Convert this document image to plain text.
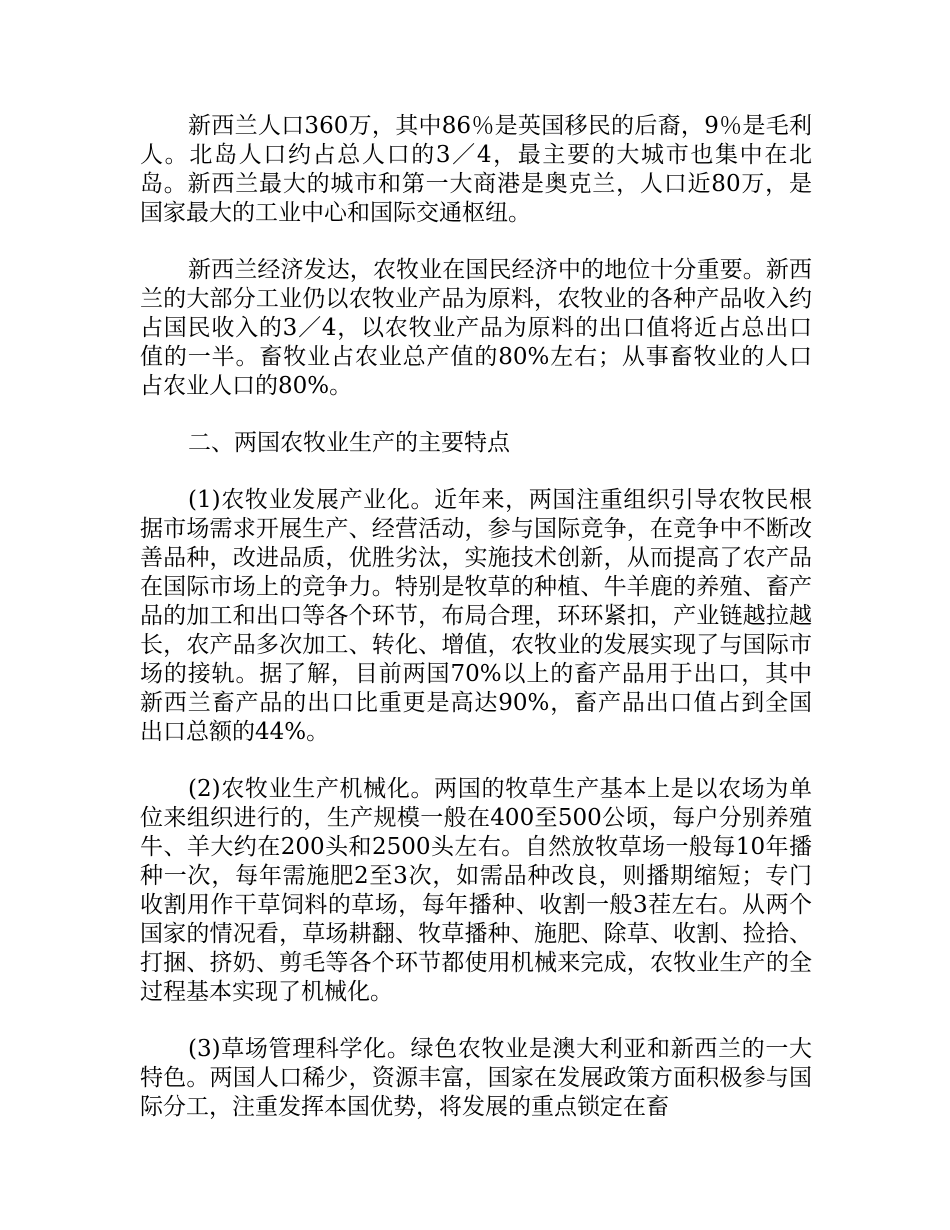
新西兰人口360万，其中86％是英国移民的后裔，9％是毛利人。北岛人口约占总人口的3／4，最主要的大城市也集中在北岛。新西兰最大的城市和第一大商港是奥克兰，人口近80万，是国家最大的工业中心和国际交通枢纽。

新西兰经济发达，农牧业在国民经济中的地位十分重要。新西兰的大部分工业仍以农牧业产品为原料，农牧业的各种产品收入约占国民收入的3／4，以农牧业产品为原料的出口值将近占总出口值的一半。畜牧业占农业总产值的80%左右；从事畜牧业的人口占农业人口的80%。

二、两国农牧业生产的主要特点

(1)农牧业发展产业化。近年来，两国注重组织引导农牧民根据市场需求开展生产、经营活动，参与国际竞争，在竞争中不断改善品种，改进品质，优胜劣汰，实施技术创新，从而提高了农产品在国际市场上的竞争力。特别是牧草的种植、牛羊鹿的养殖、畜产品的加工和出口等各个环节，布局合理，环环紧扣，产业链越拉越长，农产品多次加工、转化、增值，农牧业的发展实现了与国际市场的接轨。据了解，目前两国70%以上的畜产品用于出口，其中新西兰畜产品的出口比重更是高达90%，畜产品出口值占到全国出口总额的44%。

(2)农牧业生产机械化。两国的牧草生产基本上是以农场为单位来组织进行的，生产规模一般在400至500公顷，每户分别养殖牛、羊大约在200头和2500头左右。自然放牧草场一般每10年播种一次，每年需施肥2至3次，如需品种改良，则播期缩短；专门收割用作干草饲料的草场，每年播种、收割一般3茬左右。从两个国家的情况看，草场耕翻、牧草播种、施肥、除草、收割、捡拾、打捆、挤奶、剪毛等各个环节都使用机械来完成，农牧业生产的全过程基本实现了机械化。

(3)草场管理科学化。绿色农牧业是澳大利亚和新西兰的一大特色。两国人口稀少，资源丰富，国家在发展政策方面积极参与国际分工，注重发挥本国优势，将发展的重点锁定在畜
